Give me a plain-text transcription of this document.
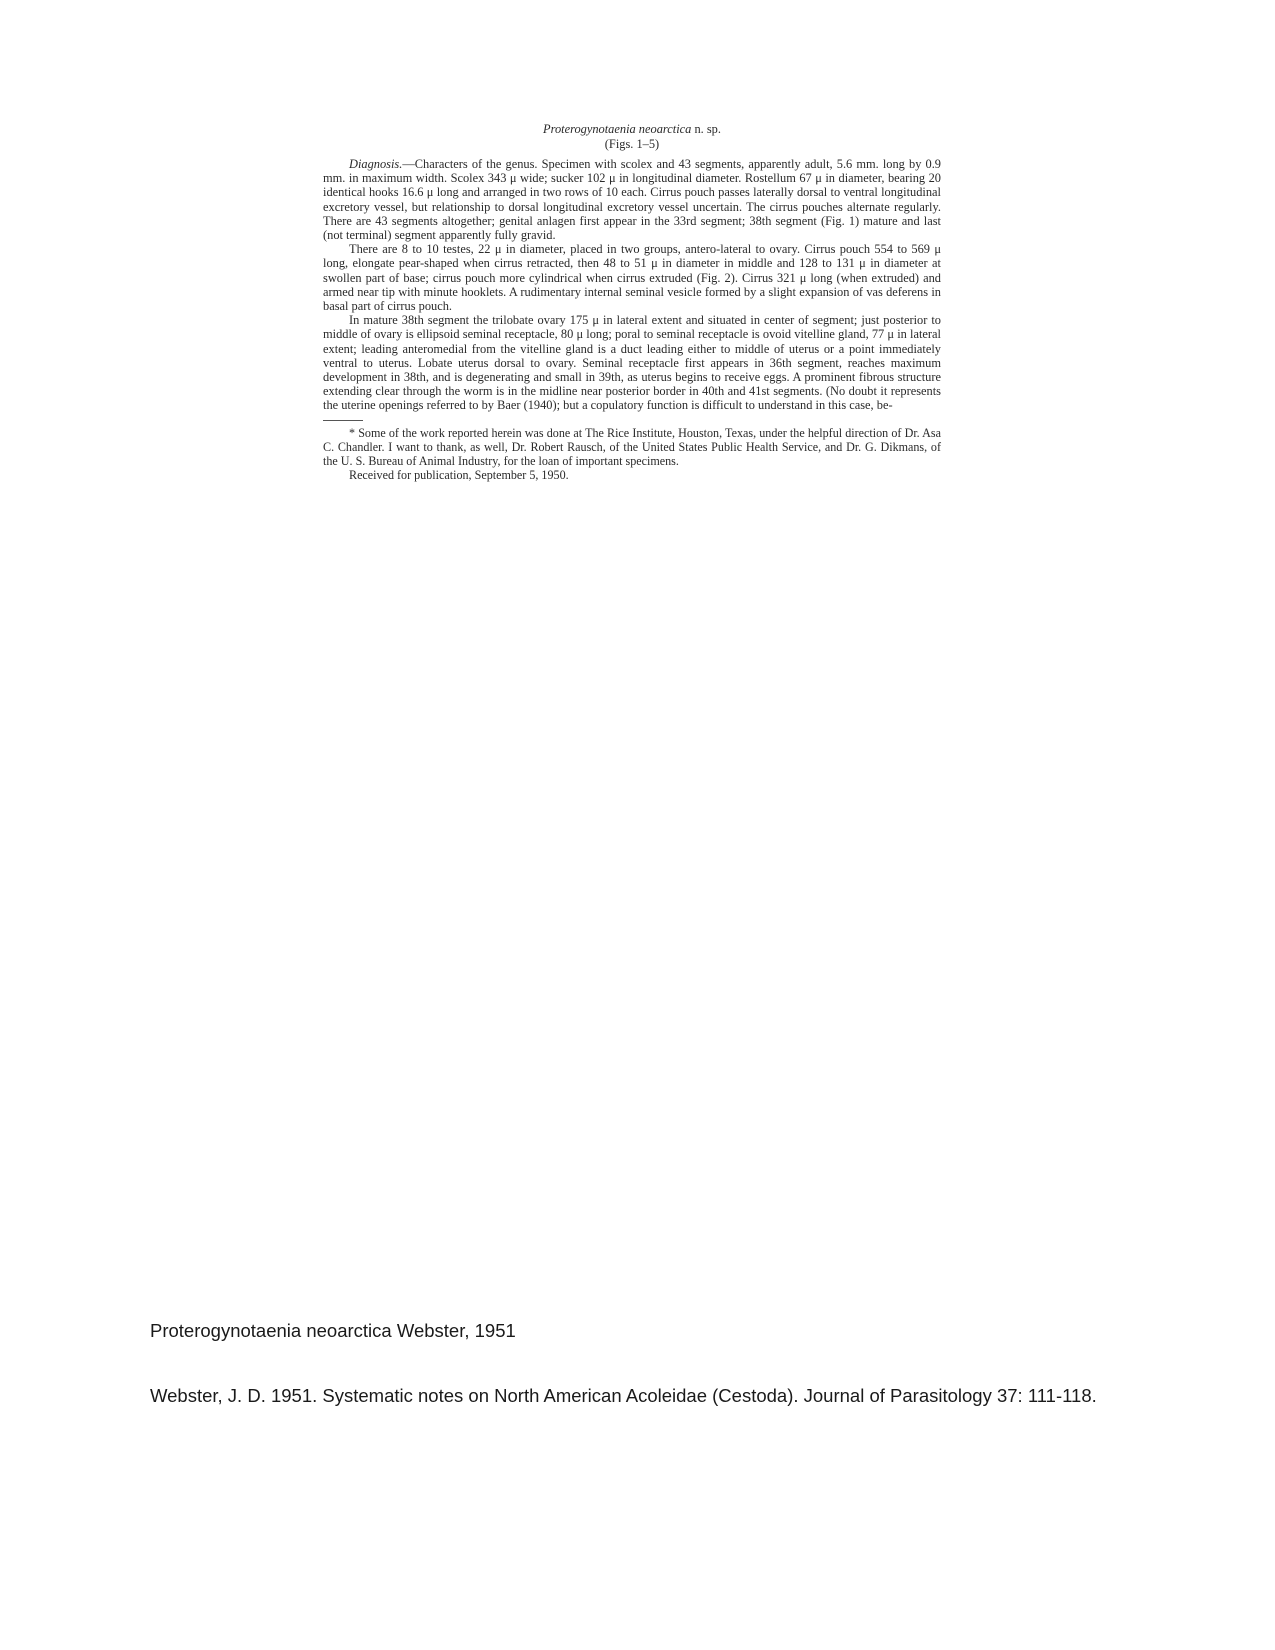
Proterogynotaenia neoarctica n. sp.

(Figs. 1–5)

Diagnosis.—Characters of the genus. Specimen with scolex and 43 segments, apparently adult, 5.6 mm. long by 0.9 mm. in maximum width. Scolex 343 μ wide; sucker 102 μ in longitudinal diameter. Rostellum 67 μ in diameter, bearing 20 identical hooks 16.6 μ long and arranged in two rows of 10 each. Cirrus pouch passes laterally dorsal to ventral longitudinal excretory vessel, but relationship to dorsal longitudinal excretory vessel uncertain. The cirrus pouches alternate regularly. There are 43 segments altogether; genital anlagen first appear in the 33rd segment; 38th segment (Fig. 1) mature and last (not terminal) segment apparently fully gravid.

There are 8 to 10 testes, 22 μ in diameter, placed in two groups, antero-lateral to ovary. Cirrus pouch 554 to 569 μ long, elongate pear-shaped when cirrus retracted, then 48 to 51 μ in diameter in middle and 128 to 131 μ in diameter at swollen part of base; cirrus pouch more cylindrical when cirrus extruded (Fig. 2). Cirrus 321 μ long (when extruded) and armed near tip with minute hooklets. A rudimentary internal seminal vesicle formed by a slight expansion of vas deferens in basal part of cirrus pouch.

In mature 38th segment the trilobate ovary 175 μ in lateral extent and situated in center of segment; just posterior to middle of ovary is ellipsoid seminal receptacle, 80 μ long; poral to seminal receptacle is ovoid vitelline gland, 77 μ in lateral extent; leading anteromedial from the vitelline gland is a duct leading either to middle of uterus or a point immediately ventral to uterus. Lobate uterus dorsal to ovary. Seminal receptacle first appears in 36th segment, reaches maximum development in 38th, and is degenerating and small in 39th, as uterus begins to receive eggs. A prominent fibrous structure extending clear through the worm is in the midline near posterior border in 40th and 41st segments. (No doubt it represents the uterine openings referred to by Baer (1940); but a copulatory function is difficult to understand in this case, be-

* Some of the work reported herein was done at The Rice Institute, Houston, Texas, under the helpful direction of Dr. Asa C. Chandler. I want to thank, as well, Dr. Robert Rausch, of the United States Public Health Service, and Dr. G. Dikmans, of the U. S. Bureau of Animal Industry, for the loan of important specimens.

Received for publication, September 5, 1950.

Proterogynotaenia neoarctica Webster, 1951

Webster, J. D. 1951. Systematic notes on North American Acoleidae (Cestoda). Journal of Parasitology 37: 111-118.
